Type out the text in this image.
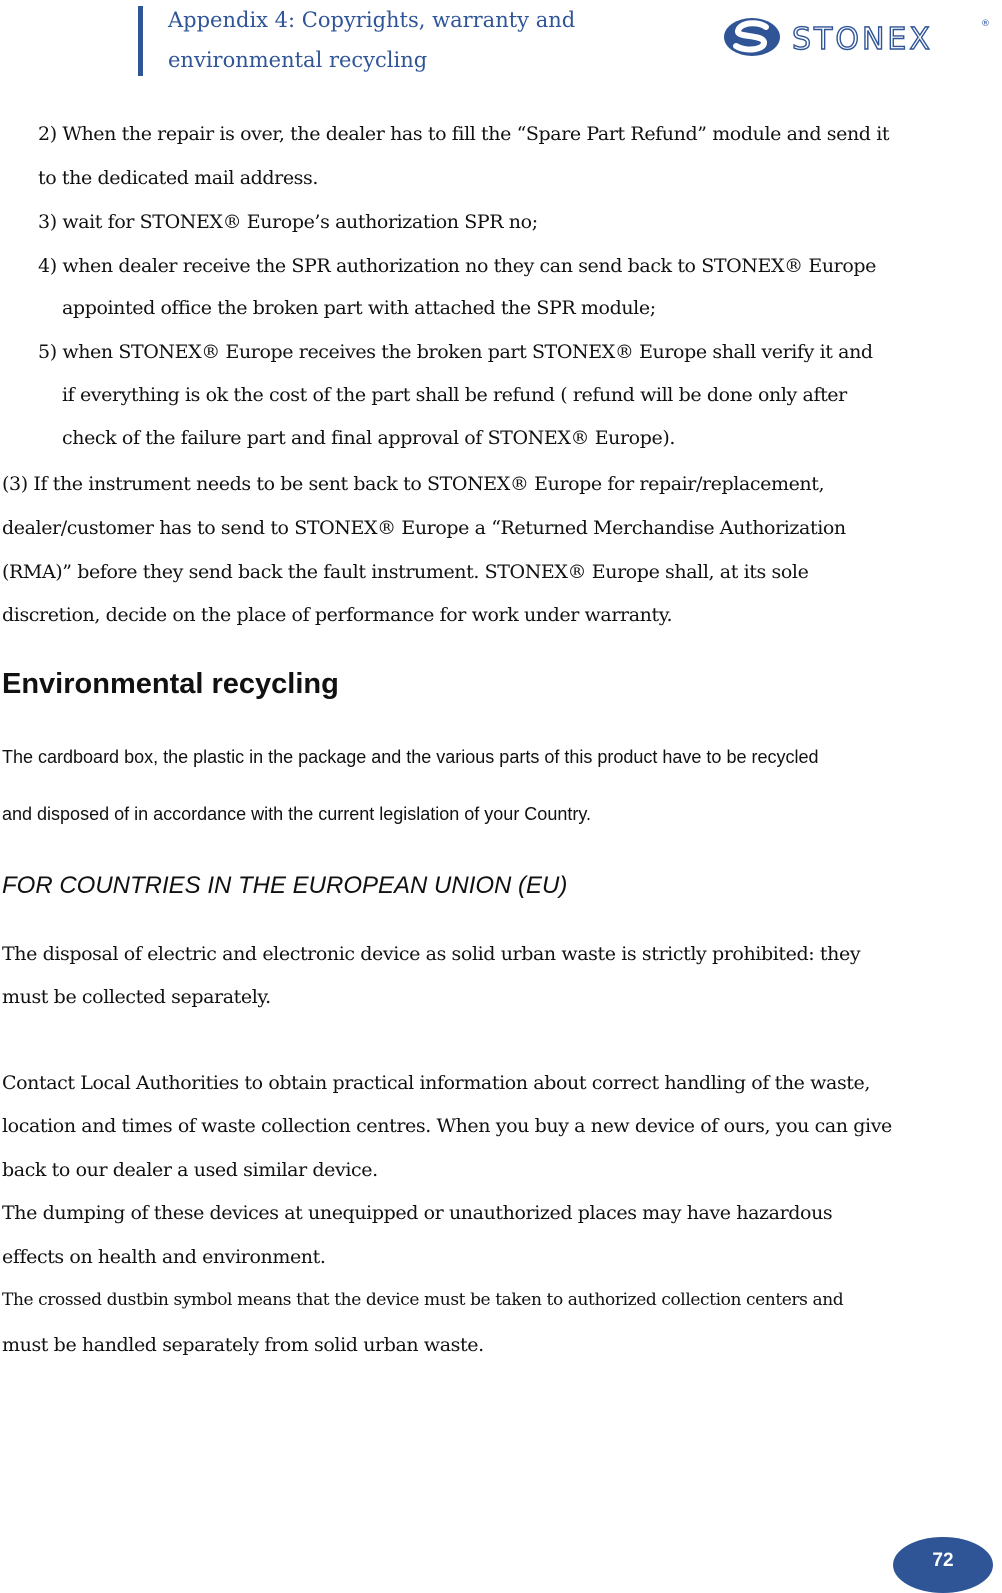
Appendix 4: Copyrights, warranty and
environmental recycling
STONEX	®
2) When the repair is over, the dealer has to fill the “Spare Part Refund” module and send it
to the dedicated mail address.
3) wait for STONEX® Europe’s authorization SPR no;
4) when dealer receive the SPR authorization no they can send back to STONEX® Europe
appointed office the broken part with attached the SPR module;
5) when STONEX® Europe receives the broken part STONEX® Europe shall verify it and
if everything is ok the cost of the part shall be refund ( refund will be done only after
check of the failure part and final approval of STONEX® Europe).
(3) If the instrument needs to be sent back to STONEX® Europe for repair/replacement,
dealer/customer has to send to STONEX® Europe a “Returned Merchandise Authorization
(RMA)” before they send back the fault instrument. STONEX® Europe shall, at its sole
discretion, decide on the place of performance for work under warranty.
Environmental recycling
The cardboard box, the plastic in the package and the various parts of this product have to be recycled
and disposed of in accordance with the current legislation of your Country.
FOR COUNTRIES IN THE EUROPEAN UNION (EU)
The disposal of electric and electronic device as solid urban waste is strictly prohibited: they
must be collected separately.
Contact Local Authorities to obtain practical information about correct handling of the waste,
location and times of waste collection centres. When you buy a new device of ours, you can give
back to our dealer a used similar device.
The dumping of these devices at unequipped or unauthorized places may have hazardous
effects on health and environment.
The crossed dustbin symbol means that the device must be taken to authorized collection centers and
must be handled separately from solid urban waste.
72
